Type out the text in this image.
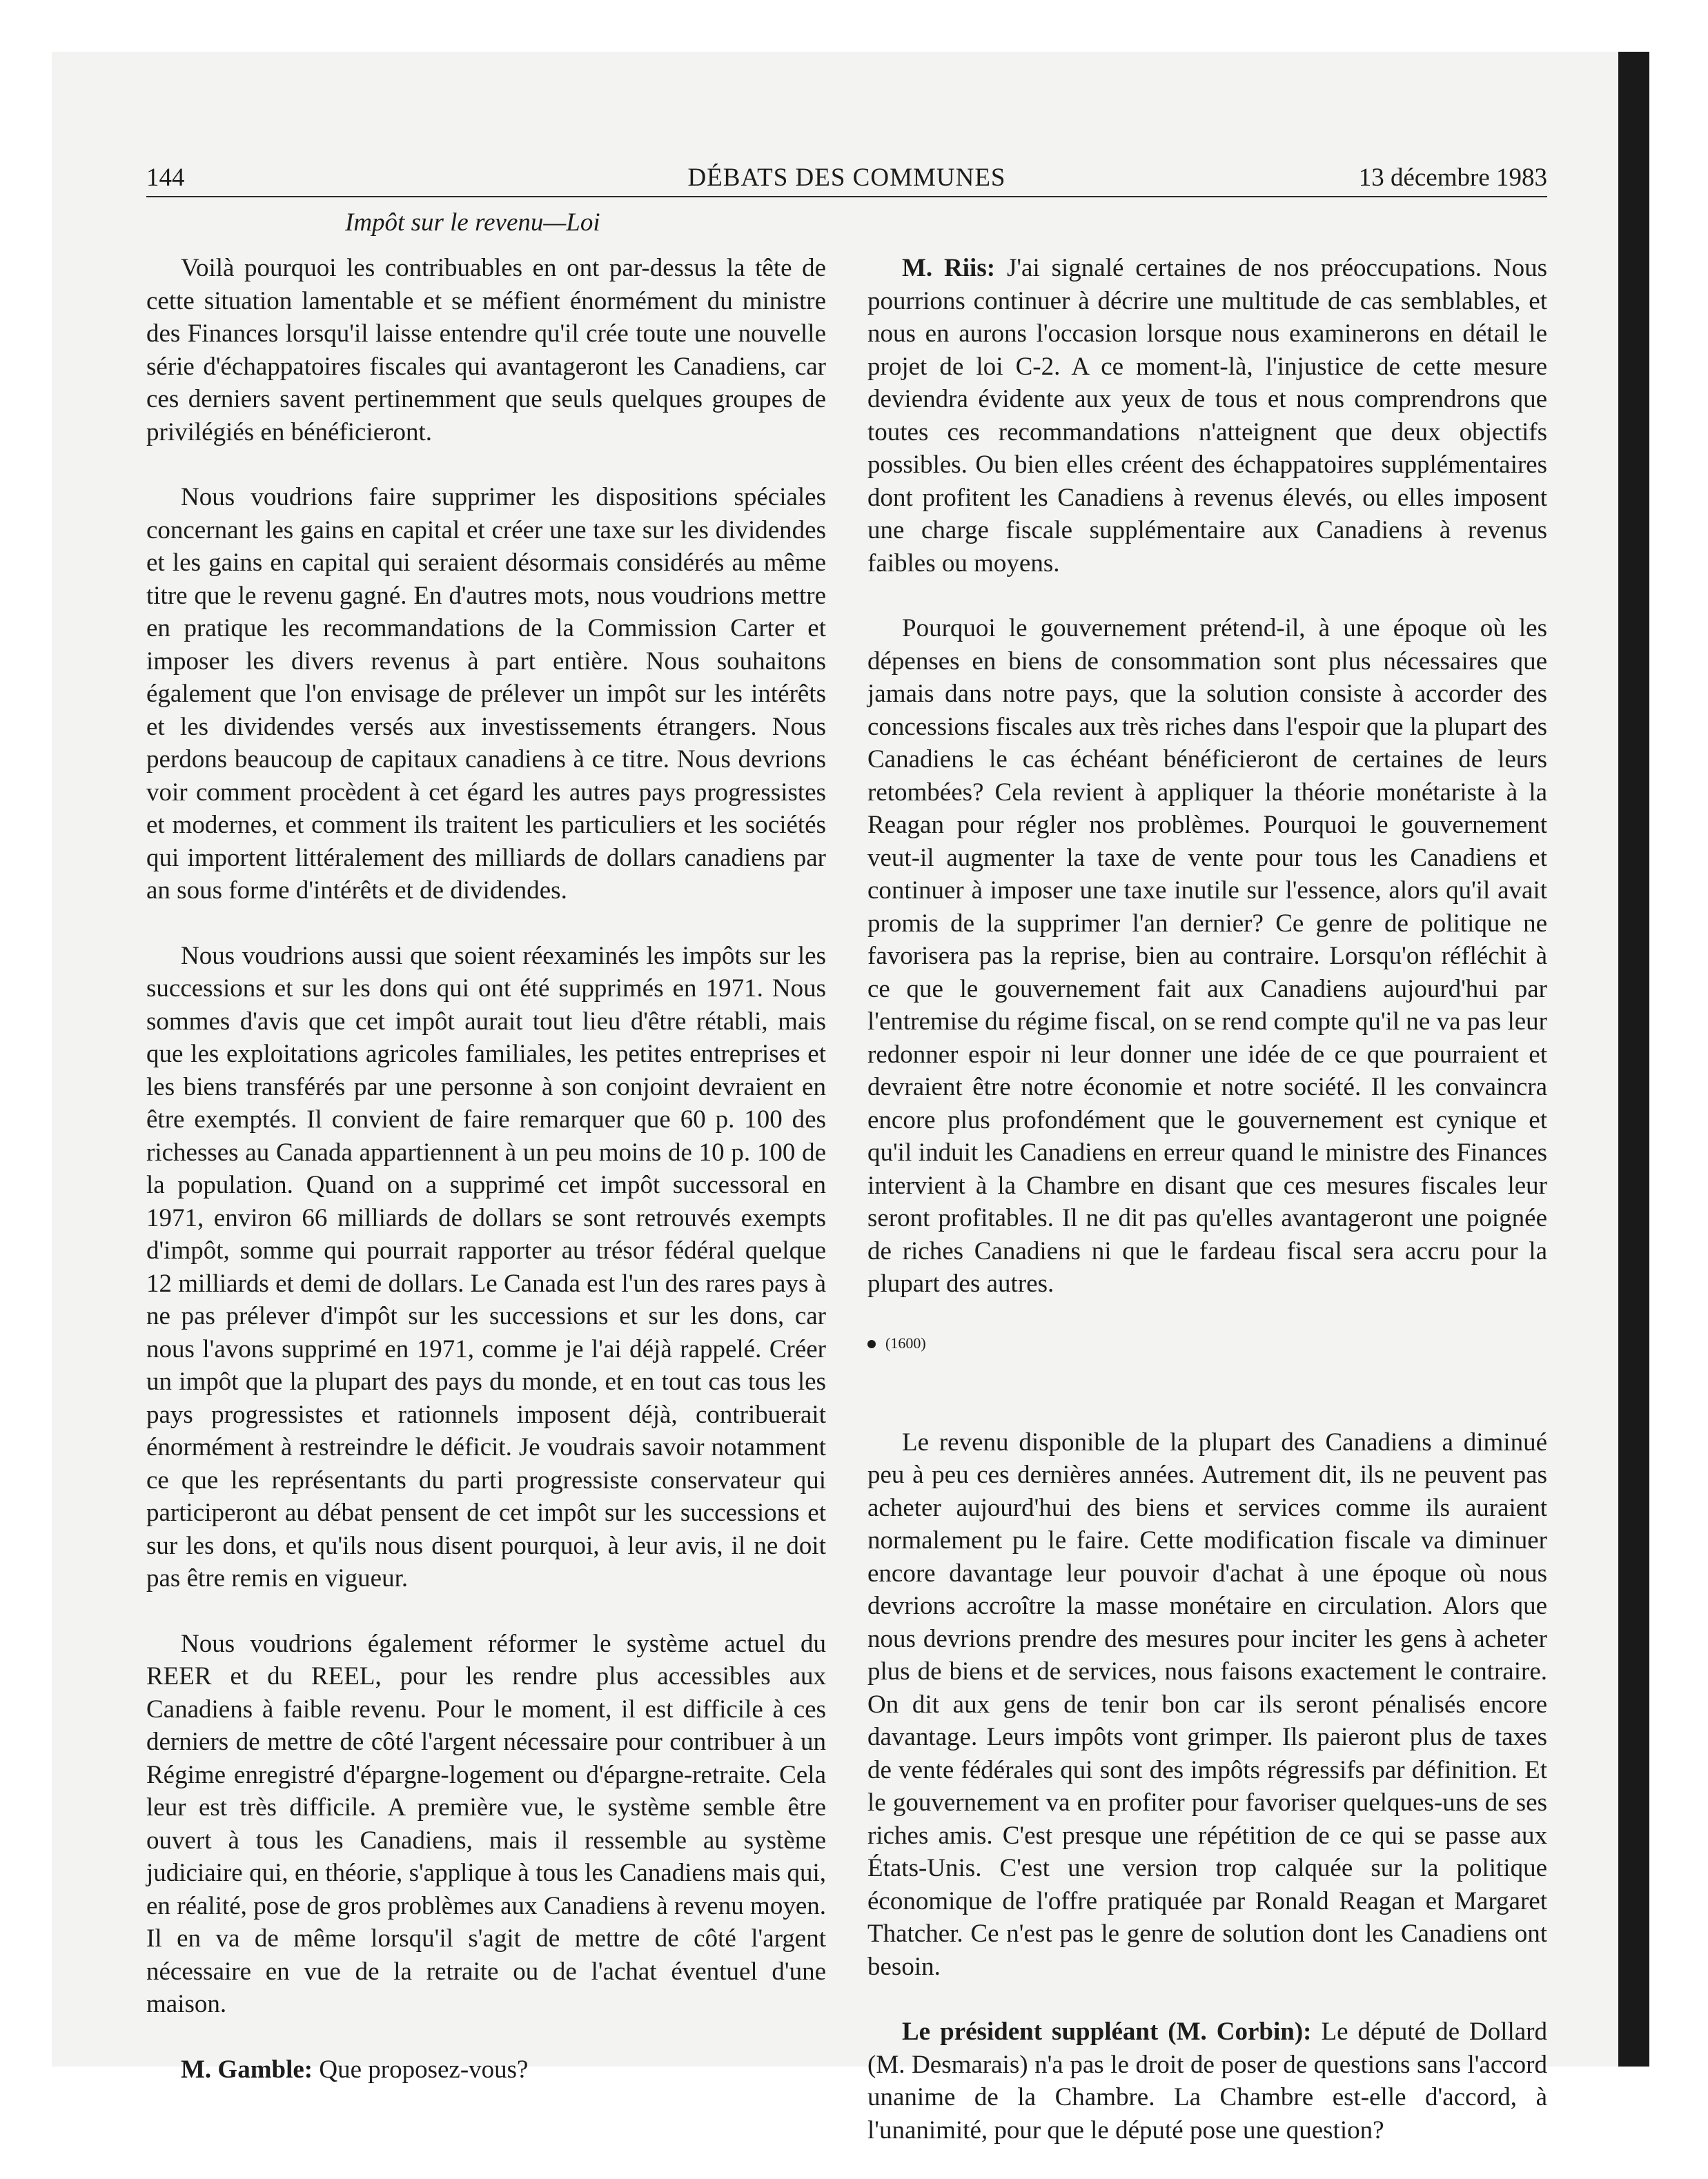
144	DÉBATS DES COMMUNES	13 décembre 1983
Impôt sur le revenu—Loi

Voilà pourquoi les contribuables en ont par-dessus la tête de cette situation lamentable et se méfient énormément du ministre des Finances lorsqu'il laisse entendre qu'il crée toute une nouvelle série d'échappatoires fiscales qui avantageront les Canadiens, car ces derniers savent pertinemment que seuls quelques groupes de privilégiés en bénéficieront.

Nous voudrions faire supprimer les dispositions spéciales concernant les gains en capital et créer une taxe sur les dividendes et les gains en capital qui seraient désormais considérés au même titre que le revenu gagné. En d'autres mots, nous voudrions mettre en pratique les recommandations de la Commission Carter et imposer les divers revenus à part entière. Nous souhaitons également que l'on envisage de prélever un impôt sur les intérêts et les dividendes versés aux investissements étrangers. Nous perdons beaucoup de capitaux canadiens à ce titre. Nous devrions voir comment procèdent à cet égard les autres pays progressistes et modernes, et comment ils traitent les particuliers et les sociétés qui importent littéralement des milliards de dollars canadiens par an sous forme d'intérêts et de dividendes.

Nous voudrions aussi que soient réexaminés les impôts sur les successions et sur les dons qui ont été supprimés en 1971. Nous sommes d'avis que cet impôt aurait tout lieu d'être rétabli, mais que les exploitations agricoles familiales, les petites entreprises et les biens transférés par une personne à son conjoint devraient en être exemptés. Il convient de faire remarquer que 60 p. 100 des richesses au Canada appartiennent à un peu moins de 10 p. 100 de la population. Quand on a supprimé cet impôt successoral en 1971, environ 66 milliards de dollars se sont retrouvés exempts d'impôt, somme qui pourrait rapporter au trésor fédéral quelque 12 milliards et demi de dollars. Le Canada est l'un des rares pays à ne pas prélever d'impôt sur les successions et sur les dons, car nous l'avons supprimé en 1971, comme je l'ai déjà rappelé. Créer un impôt que la plupart des pays du monde, et en tout cas tous les pays progressistes et rationnels imposent déjà, contribuerait énormément à restreindre le déficit. Je voudrais savoir notamment ce que les représentants du parti progressiste conservateur qui participeront au débat pensent de cet impôt sur les successions et sur les dons, et qu'ils nous disent pourquoi, à leur avis, il ne doit pas être remis en vigueur.

Nous voudrions également réformer le système actuel du REER et du REEL, pour les rendre plus accessibles aux Canadiens à faible revenu. Pour le moment, il est difficile à ces derniers de mettre de côté l'argent nécessaire pour contribuer à un Régime enregistré d'épargne-logement ou d'épargne-retraite. Cela leur est très difficile. A première vue, le système semble être ouvert à tous les Canadiens, mais il ressemble au système judiciaire qui, en théorie, s'applique à tous les Canadiens mais qui, en réalité, pose de gros problèmes aux Canadiens à revenu moyen. Il en va de même lorsqu'il s'agit de mettre de côté l'argent nécessaire en vue de la retraite ou de l'achat éventuel d'une maison.

M. Gamble: Que proposez-vous?

M. Riis: J'ai signalé certaines de nos préoccupations. Nous pourrions continuer à décrire une multitude de cas semblables, et nous en aurons l'occasion lorsque nous examinerons en détail le projet de loi C-2. A ce moment-là, l'injustice de cette mesure deviendra évidente aux yeux de tous et nous comprendrons que toutes ces recommandations n'atteignent que deux objectifs possibles. Ou bien elles créent des échappatoires supplémentaires dont profitent les Canadiens à revenus élevés, ou elles imposent une charge fiscale supplémentaire aux Canadiens à revenus faibles ou moyens.

Pourquoi le gouvernement prétend-il, à une époque où les dépenses en biens de consommation sont plus nécessaires que jamais dans notre pays, que la solution consiste à accorder des concessions fiscales aux très riches dans l'espoir que la plupart des Canadiens le cas échéant bénéficieront de certaines de leurs retombées? Cela revient à appliquer la théorie monétariste à la Reagan pour régler nos problèmes. Pourquoi le gouvernement veut-il augmenter la taxe de vente pour tous les Canadiens et continuer à imposer une taxe inutile sur l'essence, alors qu'il avait promis de la supprimer l'an dernier? Ce genre de politique ne favorisera pas la reprise, bien au contraire. Lorsqu'on réfléchit à ce que le gouvernement fait aux Canadiens aujourd'hui par l'entremise du régime fiscal, on se rend compte qu'il ne va pas leur redonner espoir ni leur donner une idée de ce que pourraient et devraient être notre économie et notre société. Il les convaincra encore plus profondément que le gouvernement est cynique et qu'il induit les Canadiens en erreur quand le ministre des Finances intervient à la Chambre en disant que ces mesures fiscales leur seront profitables. Il ne dit pas qu'elles avantageront une poignée de riches Canadiens ni que le fardeau fiscal sera accru pour la plupart des autres.

(1600)

Le revenu disponible de la plupart des Canadiens a diminué peu à peu ces dernières années. Autrement dit, ils ne peuvent pas acheter aujourd'hui des biens et services comme ils auraient normalement pu le faire. Cette modification fiscale va diminuer encore davantage leur pouvoir d'achat à une époque où nous devrions accroître la masse monétaire en circulation. Alors que nous devrions prendre des mesures pour inciter les gens à acheter plus de biens et de services, nous faisons exactement le contraire. On dit aux gens de tenir bon car ils seront pénalisés encore davantage. Leurs impôts vont grimper. Ils paieront plus de taxes de vente fédérales qui sont des impôts régressifs par définition. Et le gouvernement va en profiter pour favoriser quelques-uns de ses riches amis. C'est presque une répétition de ce qui se passe aux États-Unis. C'est une version trop calquée sur la politique économique de l'offre pratiquée par Ronald Reagan et Margaret Thatcher. Ce n'est pas le genre de solution dont les Canadiens ont besoin.

Le président suppléant (M. Corbin): Le député de Dollard (M. Desmarais) n'a pas le droit de poser de questions sans l'accord unanime de la Chambre. La Chambre est-elle d'accord, à l'unanimité, pour que le député pose une question?
